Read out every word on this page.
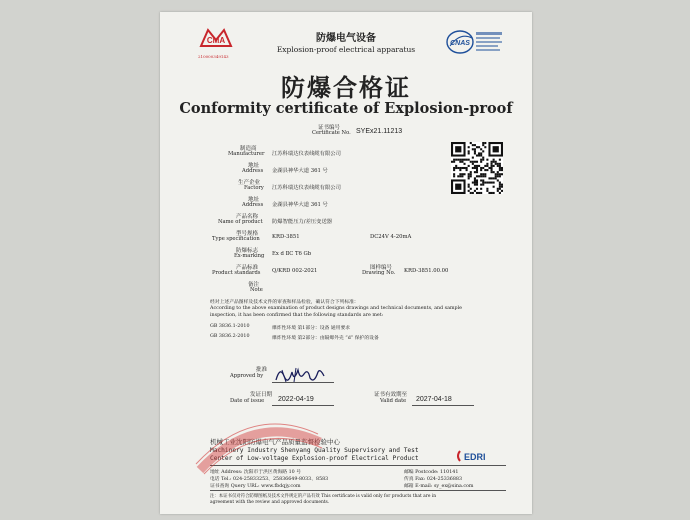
CMA
210000349143
CNAS
防爆电气设备
Explosion-proof electrical apparatus
防爆合格证
Conformity certificate of Explosion-proof
证书编号
Certificate No. SYEx21.11213
制造商
Manufacturer 江苏科瑞达仪表线缆有限公司
地址
Address 金湖县神华大道 361 号
生产企业
Factory 江苏科瑞达仪表线缆有限公司
地址
Address 金湖县神华大道 361 号
产品名称
Name of product 防爆智能压力/差压变送器
型号规格
Type specification KRD-3851	DC24V 4-20mA
防爆标志
Ex-marking Ex d ⅡC T6 Gb
产品标准
Product standards Q/KRD 002-2021	图样编号
Drawing No. KRD-3851.00.00
备注
Note
经对上述产品图样及技术文件的审查和样品检验，确认符合下列标准：
According to the above examination of product designs drawings and technical documents, and sample
inspection, it has been confirmed that the following standards are met:
GB 3836.1-2010	爆炸性环境 第1部分：设备 通用要求
GB 3836.2-2010	爆炸性环境 第2部分：由隔爆外壳 “d” 保护的设备
批准
Approved by
发证日期
Date of issue 2022-04-19
证书有效期至
Valid date 2027-04-18
机械工业沈阳防爆电气产品质量监督检验中心
Machinery Industry Shenyang Quality Supervisory and Test
Center of Low-voltage Explosion-proof Electrical Product	EDRI
地址 Address: 沈阳市于洪区黄海路 10 号	邮编 Postcode: 110141
电话 Tel.: 024-25833253、25836649-8033、8583	传真 Fax: 024-25336883
证书查询 Query URL: www.fbdqjy.com	邮箱 E-mail: sy_ex@sina.com
注：本证书仅对符合防爆图纸及技术文件规定的产品有效 This certificate is valid only for products that are in
agreement with the review and approved documents.
